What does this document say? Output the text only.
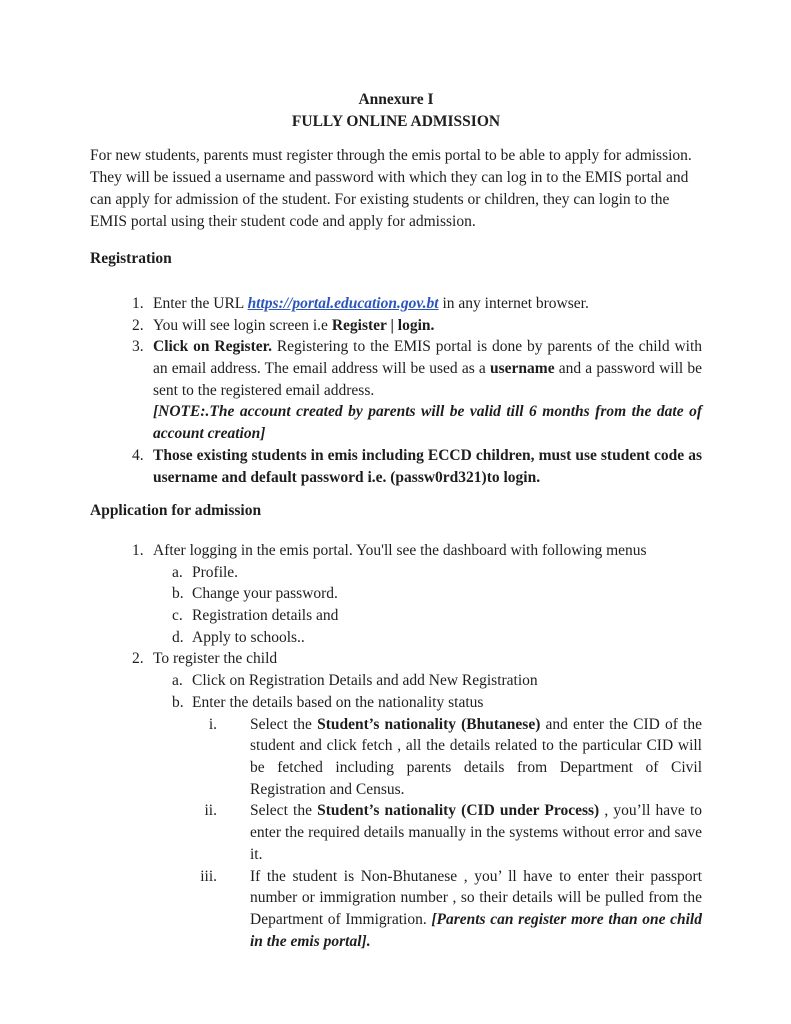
Annexure I
FULLY ONLINE ADMISSION

For new students, parents must register through the emis portal to be able to apply for admission. They will be issued a username and password with which they can log in to the EMIS portal and can apply for admission of the student. For existing students or children, they can login to the EMIS portal using their student code and apply for admission.

Registration
1. Enter the URL https://portal.education.gov.bt in any internet browser.
2. You will see login screen i.e Register | login.
3. Click on Register. Registering to the EMIS portal is done by parents of the child with an email address. The email address will be used as a username and a password will be sent to the registered email address.
[NOTE:.The account created by parents will be valid till 6 months from the date of account creation]
4. Those existing students in emis including ECCD children, must use student code as username and default password i.e. (passw0rd321)to login.
Application for admission
1. After logging in the emis portal. You'll see the dashboard with following menus
a. Profile.
b. Change your password.
c. Registration details and
d. Apply to schools..
2. To register the child
a. Click on Registration Details and add New Registration
b. Enter the details based on the nationality status
i. Select the Student’s nationality (Bhutanese) and enter the CID of the student and click fetch , all the details related to the particular CID will be fetched including parents details from Department of Civil Registration and Census.
ii. Select the Student’s nationality (CID under Process) , you’ll have to enter the required details manually in the systems without error and save it.
iii. If the student is Non-Bhutanese , you’ ll have to enter their passport number or immigration number , so their details will be pulled from the Department of Immigration. [Parents can register more than one child in the emis portal].
